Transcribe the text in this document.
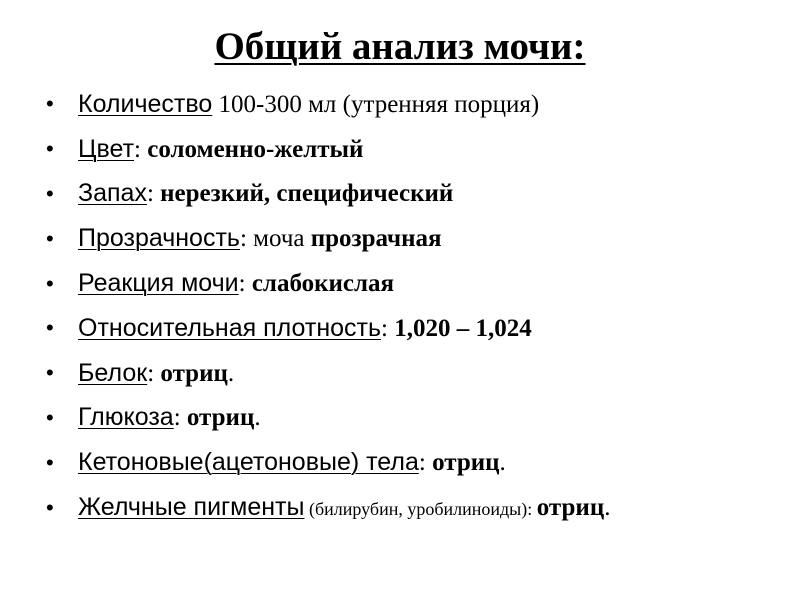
Общий анализ мочи:
• Количество 100-300 мл (утренняя порция)
• Цвет: соломенно-желтый
• Запах: нерезкий, специфический
• Прозрачность: моча прозрачная
• Реакция мочи: слабокислая
• Относительная плотность: 1,020 – 1,024
• Белок: отриц.
• Глюкоза: отриц.
• Кетоновые(ацетоновые) тела: отриц.
• Желчные пигменты (билирубин, уробилиноиды): отриц.
